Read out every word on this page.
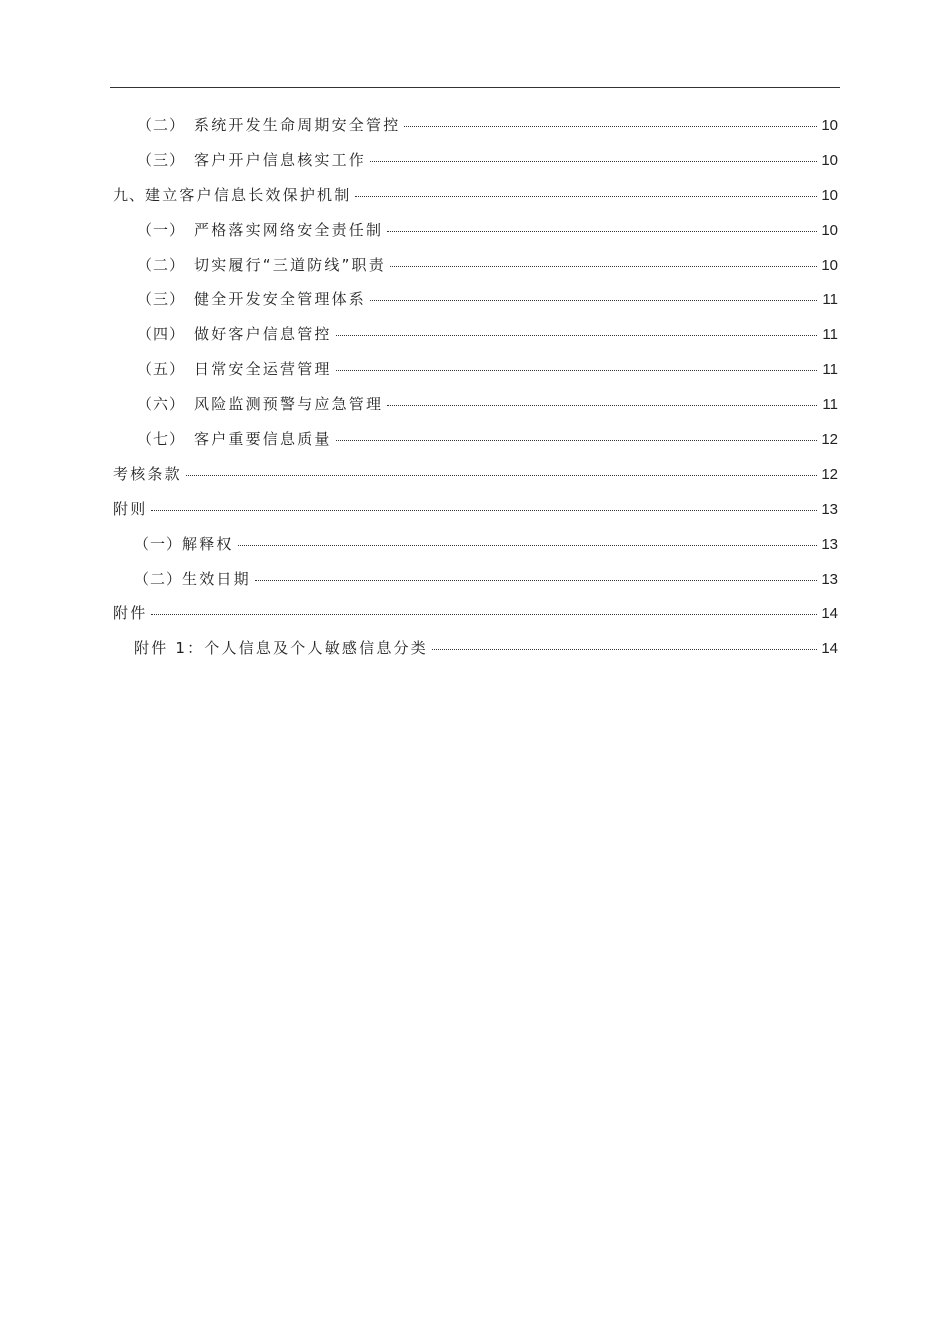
（二） 系统开发生命周期安全管控	10
（三） 客户开户信息核实工作	10
九、 建立客户信息长效保护机制	10
（一） 严格落实网络安全责任制	10
（二） 切实履行“三道防线”职责	10
（三） 健全开发安全管理体系	11
（四） 做好客户信息管控	11
（五） 日常安全运营管理	11
（六） 风险监测预警与应急管理	11
（七） 客户重要信息质量	12
考核条款	12
附则	13
（一） 解释权	13
（二） 生效日期	13
附件	14
附件 1：个人信息及个人敏感信息分类	14
